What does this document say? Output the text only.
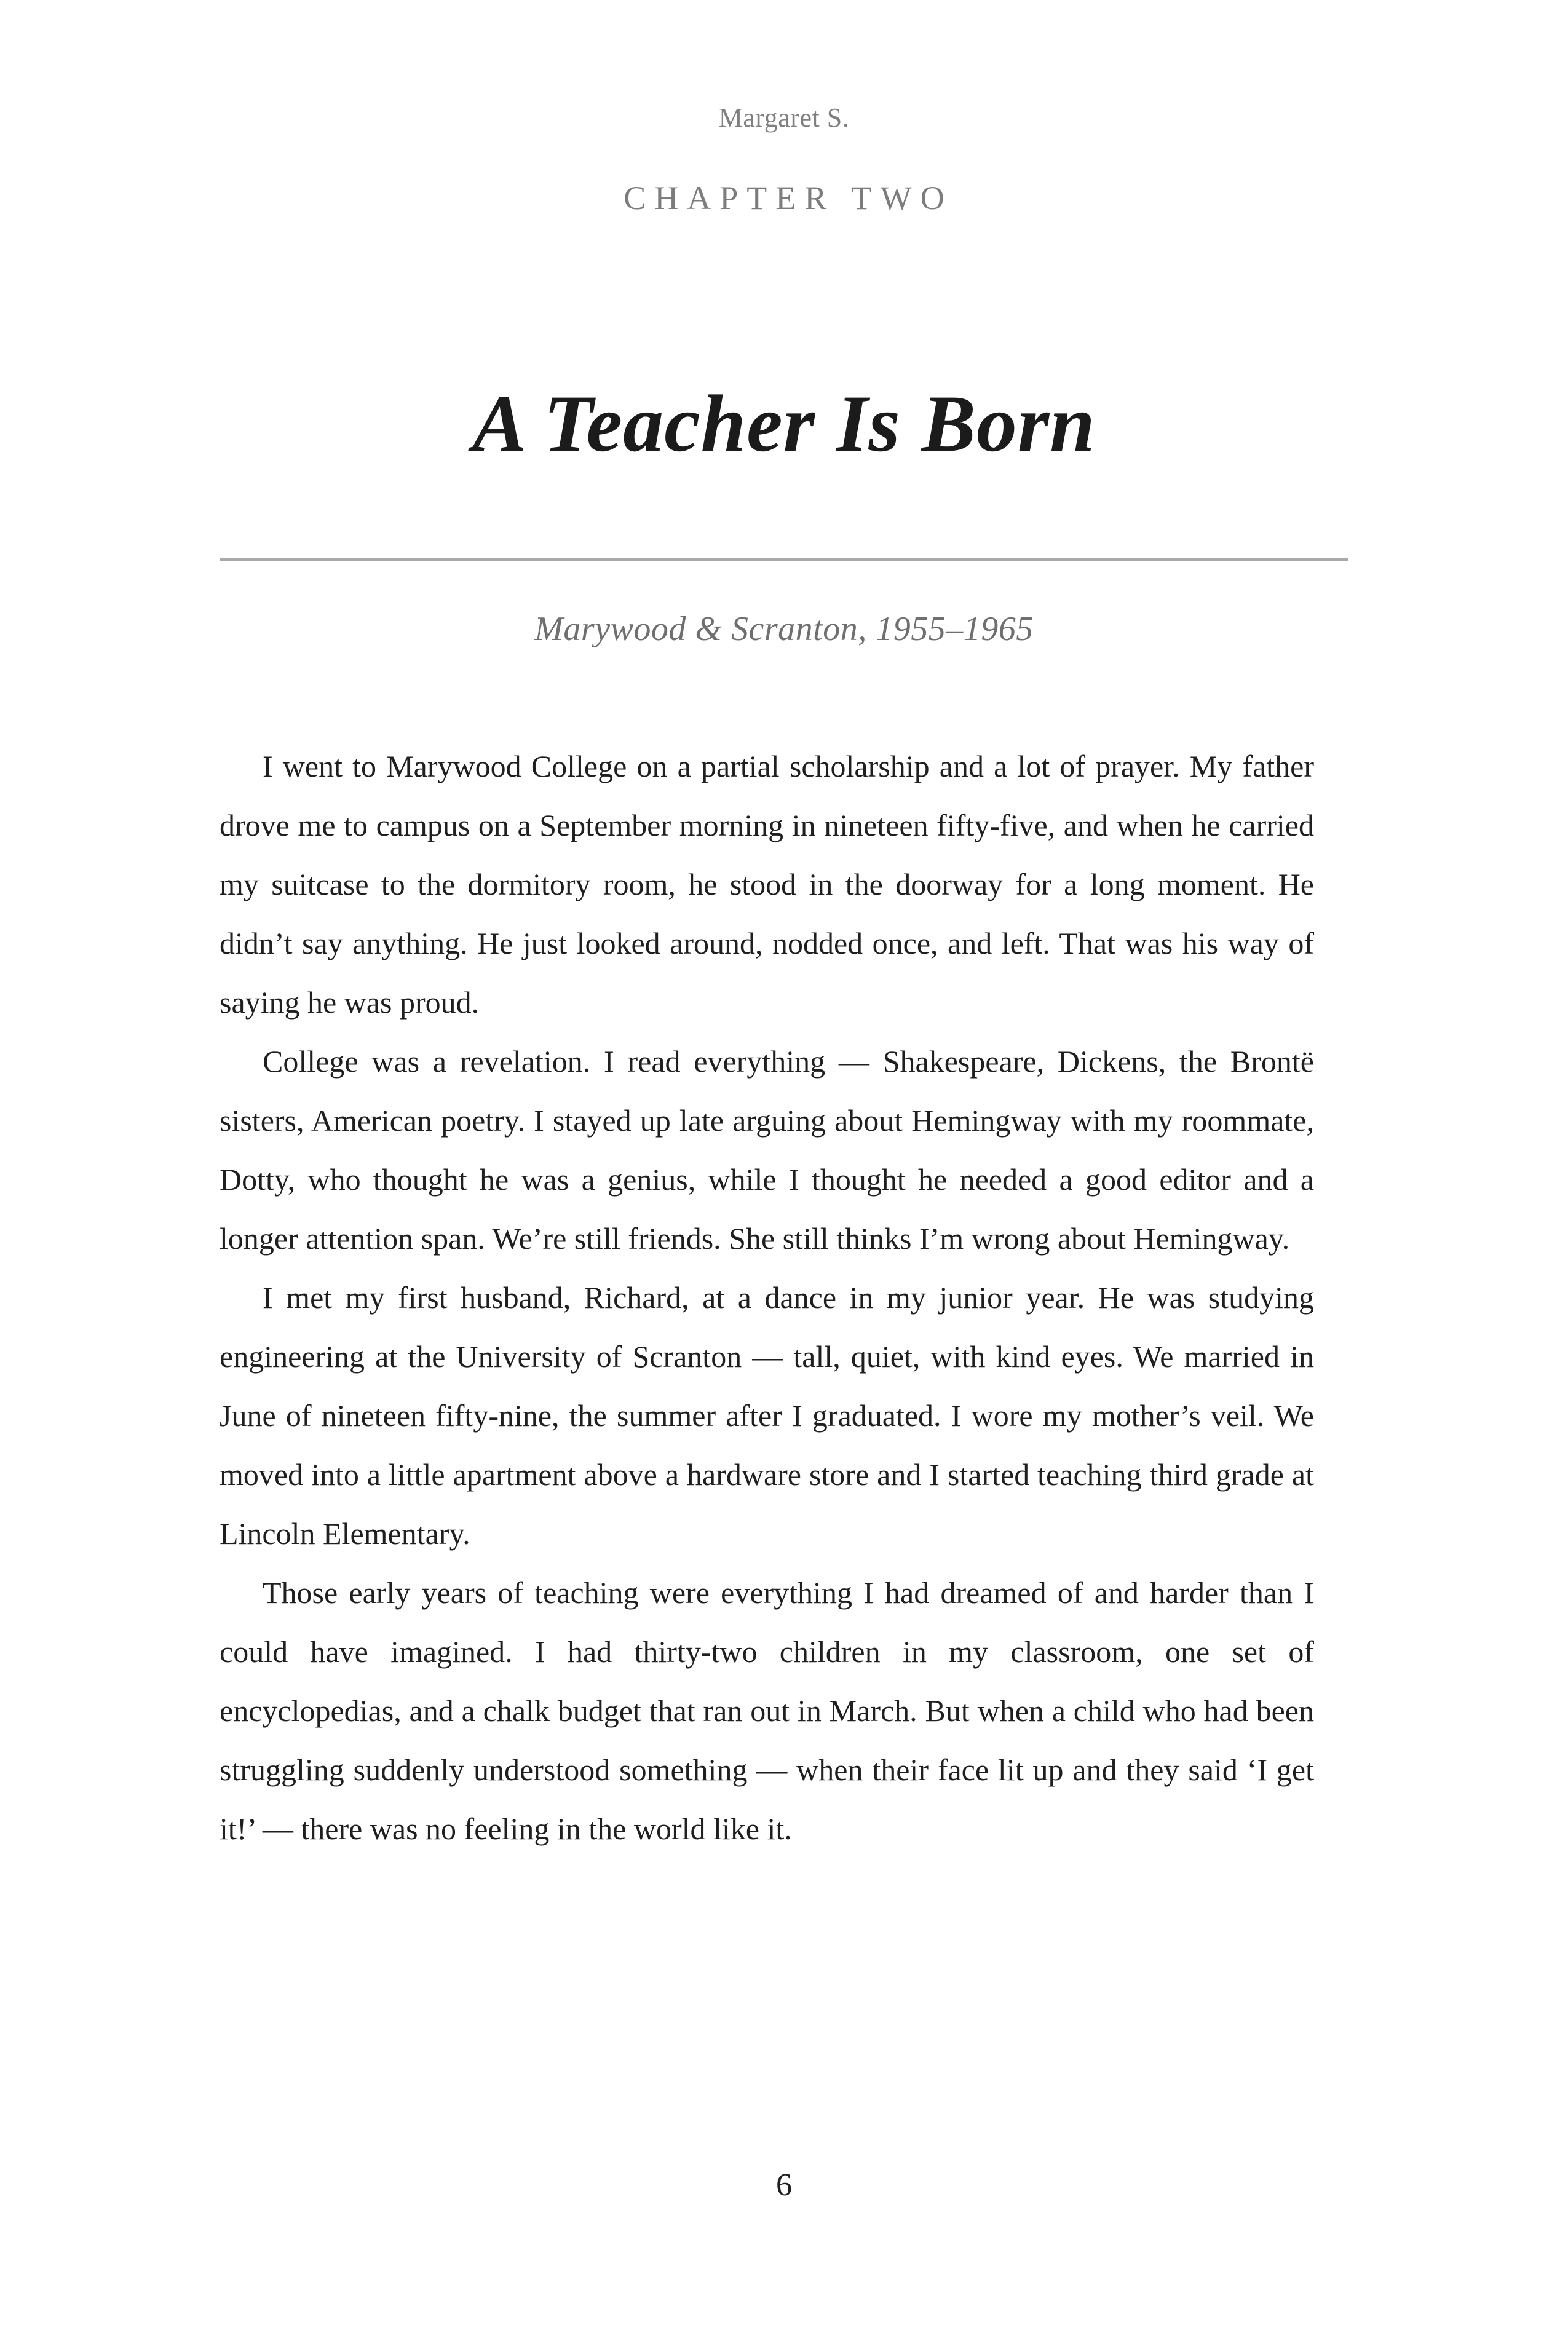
Margaret S.
CHAPTER TWO
A Teacher Is Born
Marywood & Scranton, 1955–1965

I went to Marywood College on a partial scholarship and a lot of prayer. My father drove me to campus on a September morning in nineteen fifty-five, and when he carried my suitcase to the dormitory room, he stood in the doorway for a long moment. He didn’t say anything. He just looked around, nodded once, and left. That was his way of saying he was proud.

College was a revelation. I read everything — Shakespeare, Dickens, the Brontë sisters, American poetry. I stayed up late arguing about Hemingway with my roommate, Dotty, who thought he was a genius, while I thought he needed a good editor and a longer attention span. We’re still friends. She still thinks I’m wrong about Hemingway.

I met my first husband, Richard, at a dance in my junior year. He was studying engineering at the University of Scranton — tall, quiet, with kind eyes. We married in June of nineteen fifty-nine, the summer after I graduated. I wore my mother’s veil. We moved into a little apartment above a hardware store and I started teaching third grade at Lincoln Elementary.

Those early years of teaching were everything I had dreamed of and harder than I could have imagined. I had thirty-two children in my classroom, one set of encyclopedias, and a chalk budget that ran out in March. But when a child who had been struggling suddenly understood something — when their face lit up and they said ‘I get it!’ — there was no feeling in the world like it.

6
